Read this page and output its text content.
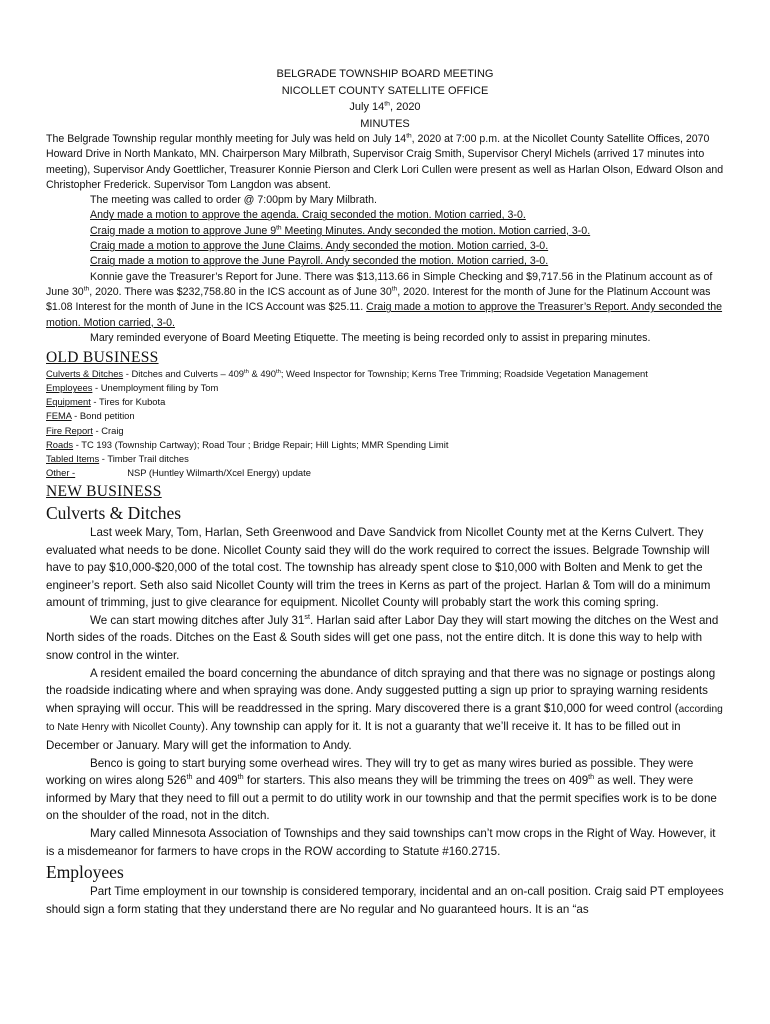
BELGRADE TOWNSHIP BOARD MEETING
NICOLLET COUNTY SATELLITE OFFICE
July 14th, 2020
MINUTES

The Belgrade Township regular monthly meeting for July was held on July 14th, 2020 at 7:00 p.m. at the Nicollet County Satellite Offices, 2070 Howard Drive in North Mankato, MN. Chairperson Mary Milbrath, Supervisor Craig Smith, Supervisor Cheryl Michels (arrived 17 minutes into meeting), Supervisor Andy Goettlicher, Treasurer Konnie Pierson and Clerk Lori Cullen were present as well as Harlan Olson, Edward Olson and Christopher Frederick. Supervisor Tom Langdon was absent.

The meeting was called to order @ 7:00pm by Mary Milbrath.

Andy made a motion to approve the agenda. Craig seconded the motion. Motion carried, 3-0.

Craig made a motion to approve June 9th Meeting Minutes. Andy seconded the motion. Motion carried, 3-0.

Craig made a motion to approve the June Claims. Andy seconded the motion. Motion carried, 3-0.

Craig made a motion to approve the June Payroll. Andy seconded the motion. Motion carried, 3-0.

Konnie gave the Treasurer’s Report for June. There was $13,113.66 in Simple Checking and $9,717.56 in the Platinum account as of June 30th, 2020. There was $232,758.80 in the ICS account as of June 30th, 2020. Interest for the month of June for the Platinum Account was $1.08 Interest for the month of June in the ICS Account was $25.11. Craig made a motion to approve the Treasurer’s Report. Andy seconded the motion. Motion carried, 3-0.

Mary reminded everyone of Board Meeting Etiquette. The meeting is being recorded only to assist in preparing minutes.

OLD BUSINESS

Culverts & Ditches - Ditches and Culverts – 409th & 490th; Weed Inspector for Township; Kerns Tree Trimming; Roadside Vegetation Management

Employees - Unemployment filing by Tom

Equipment - Tires for Kubota

FEMA - Bond petition

Fire Report - Craig

Roads - TC 193 (Township Cartway); Road Tour ; Bridge Repair; Hill Lights; MMR Spending Limit

Tabled Items - Timber Trail ditches

Other -	NSP (Huntley Wilmarth/Xcel Energy) update

NEW BUSINESS
Culverts & Ditches

Last week Mary, Tom, Harlan, Seth Greenwood and Dave Sandvick from Nicollet County met at the Kerns Culvert. They evaluated what needs to be done. Nicollet County said they will do the work required to correct the issues. Belgrade Township will have to pay $10,000-$20,000 of the total cost. The township has already spent close to $10,000 with Bolten and Menk to get the engineer’s report. Seth also said Nicollet County will trim the trees in Kerns as part of the project. Harlan & Tom will do a minimum amount of trimming, just to give clearance for equipment. Nicollet County will probably start the work this coming spring.

We can start mowing ditches after July 31st. Harlan said after Labor Day they will start mowing the ditches on the West and North sides of the roads. Ditches on the East & South sides will get one pass, not the entire ditch. It is done this way to help with snow control in the winter.

A resident emailed the board concerning the abundance of ditch spraying and that there was no signage or postings along the roadside indicating where and when spraying was done. Andy suggested putting a sign up prior to spraying warning residents when spraying will occur. This will be readdressed in the spring. Mary discovered there is a grant $10,000 for weed control (according to Nate Henry with Nicollet County). Any township can apply for it. It is not a guaranty that we’ll receive it. It has to be filled out in December or January. Mary will get the information to Andy.

Benco is going to start burying some overhead wires. They will try to get as many wires buried as possible. They were working on wires along 526th and 409th for starters. This also means they will be trimming the trees on 409th as well. They were informed by Mary that they need to fill out a permit to do utility work in our township and that the permit specifies work is to be done on the shoulder of the road, not in the ditch.

Mary called Minnesota Association of Townships and they said townships can’t mow crops in the Right of Way. However, it is a misdemeanor for farmers to have crops in the ROW according to Statute #160.2715.

Employees

Part Time employment in our township is considered temporary, incidental and an on-call position. Craig said PT employees should sign a form stating that they understand there are No regular and No guaranteed hours. It is an “as
